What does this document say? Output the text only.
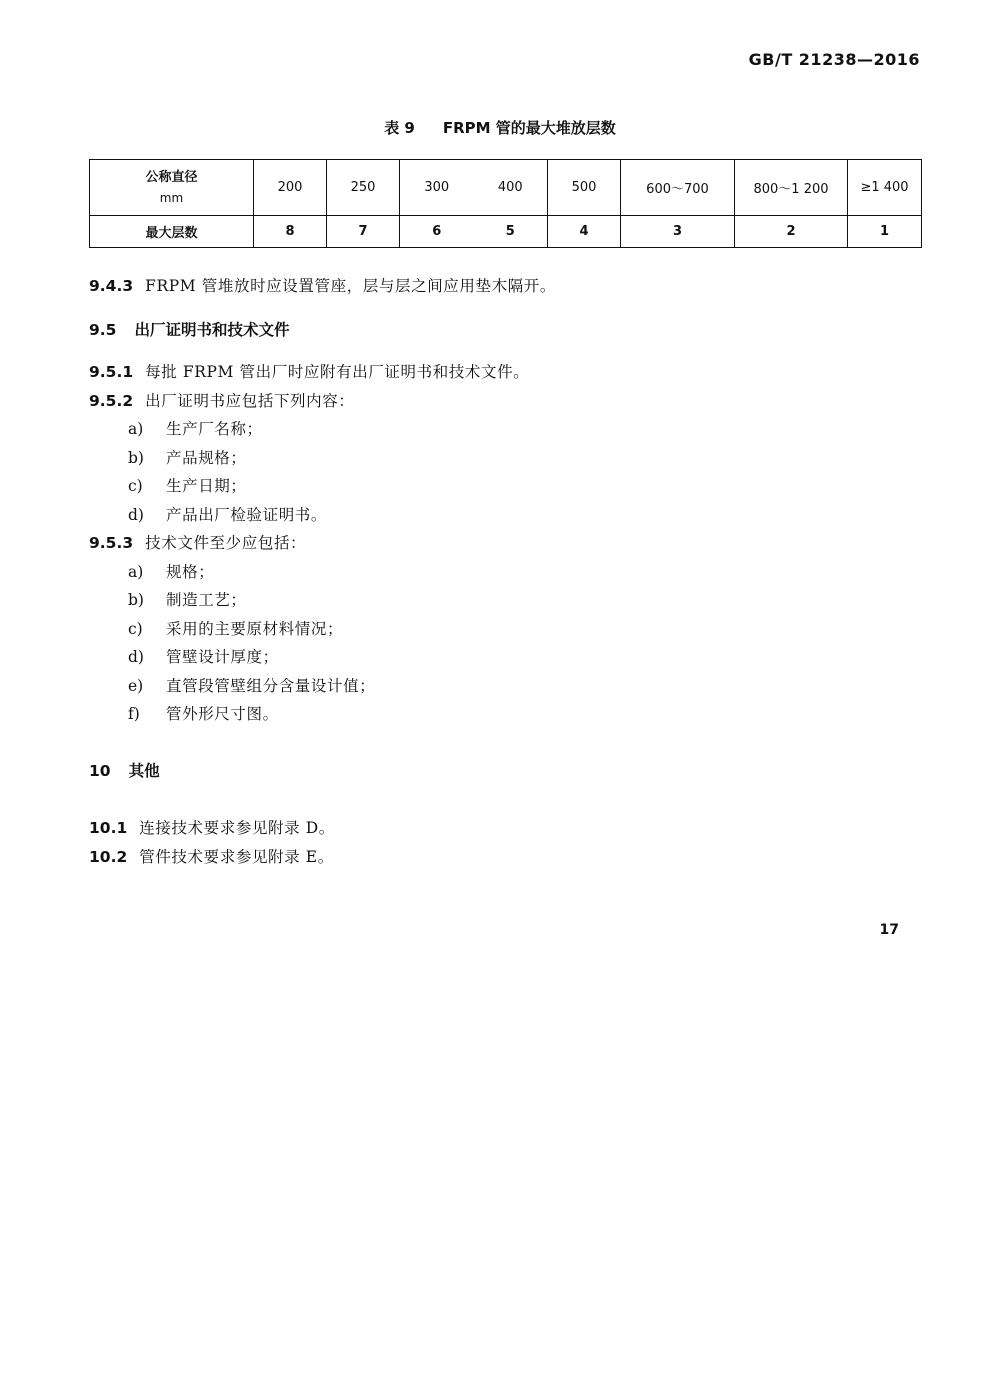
GB/T 21238—2016
表 9 FRPM 管的最大堆放层数
公称直径
mm	200	250	300	400	500	600～700	800～1 200	≥1 400
最大层数	8	7	6	5	4	3	2	1
9.4.3 FRPM 管堆放时应设置管座，层与层之间应用垫木隔开。
9.5 出厂证明书和技术文件
9.5.1 每批 FRPM 管出厂时应附有出厂证明书和技术文件。
9.5.2 出厂证明书应包括下列内容：
a) 生产厂名称；
b) 产品规格；
c) 生产日期；
d) 产品出厂检验证明书。
9.5.3 技术文件至少应包括：
a) 规格；
b) 制造工艺；
c) 采用的主要原材料情况；
d) 管壁设计厚度；
e) 直管段管壁组分含量设计值；
f) 管外形尺寸图。
10 其他
10.1 连接技术要求参见附录 D。
10.2 管件技术要求参见附录 E。
17
